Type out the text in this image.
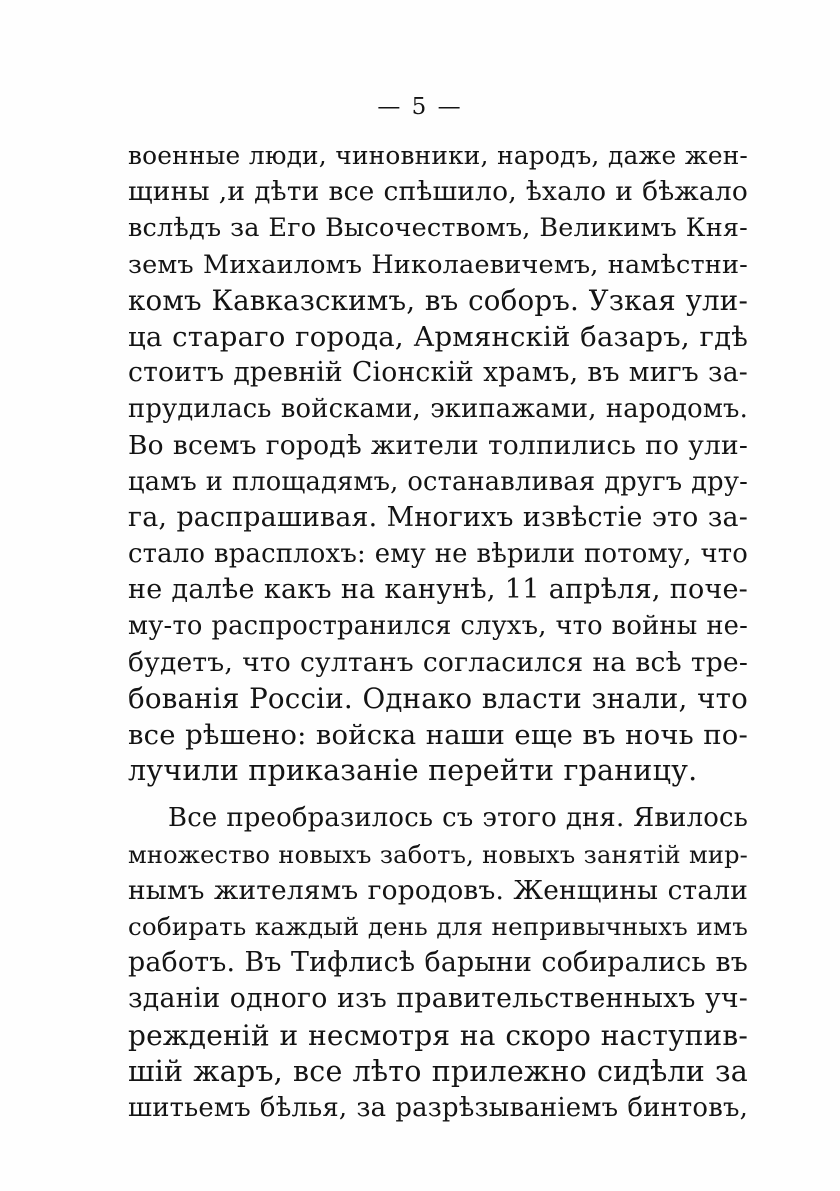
— 5 —
военные люди, чиновники, народъ, даже жен-
щины ,и дѣти все спѣшило, ѣхало и бѣжало
вслѣдъ за Его Высочествомъ, Великимъ Кня-
земъ Михаиломъ Николаевичемъ, намѣстни-
комъ Кавказскимъ, въ соборъ. Узкая ули-
ца стараго города, Армянскій базаръ, гдѣ
стоитъ древній Сіонскій храмъ, въ мигъ за-
прудилась войсками, экипажами, народомъ.
Во всемъ городѣ жители толпились по ули-
цамъ и площадямъ, останавливая другъ дру-
га, распрашивая. Многихъ извѣстіе это за-
стало врасплохъ: ему не вѣрили потому, что
не далѣе какъ на канунѣ, 11 апрѣля, поче-
му-то распространился слухъ, что войны не-
будетъ, что султанъ согласился на всѣ тре-
бованія Россіи. Однако власти знали, что
все рѣшено: войска наши еще въ ночь по-
лучили приказаніе перейти границу.
Все преобразилось съ этого дня. Явилось
множество новыхъ заботъ, новыхъ занятій мир-
нымъ жителямъ городовъ. Женщины стали
собирать каждый день для непривычныхъ имъ
работъ. Въ Тифлисѣ барыни собирались въ
зданіи одного изъ правительственныхъ уч-
режденій и несмотря на скоро наступив-
шій жаръ, все лѣто прилежно сидѣли за
шитьемъ бѣлья, за разрѣзываніемъ бинтовъ,
